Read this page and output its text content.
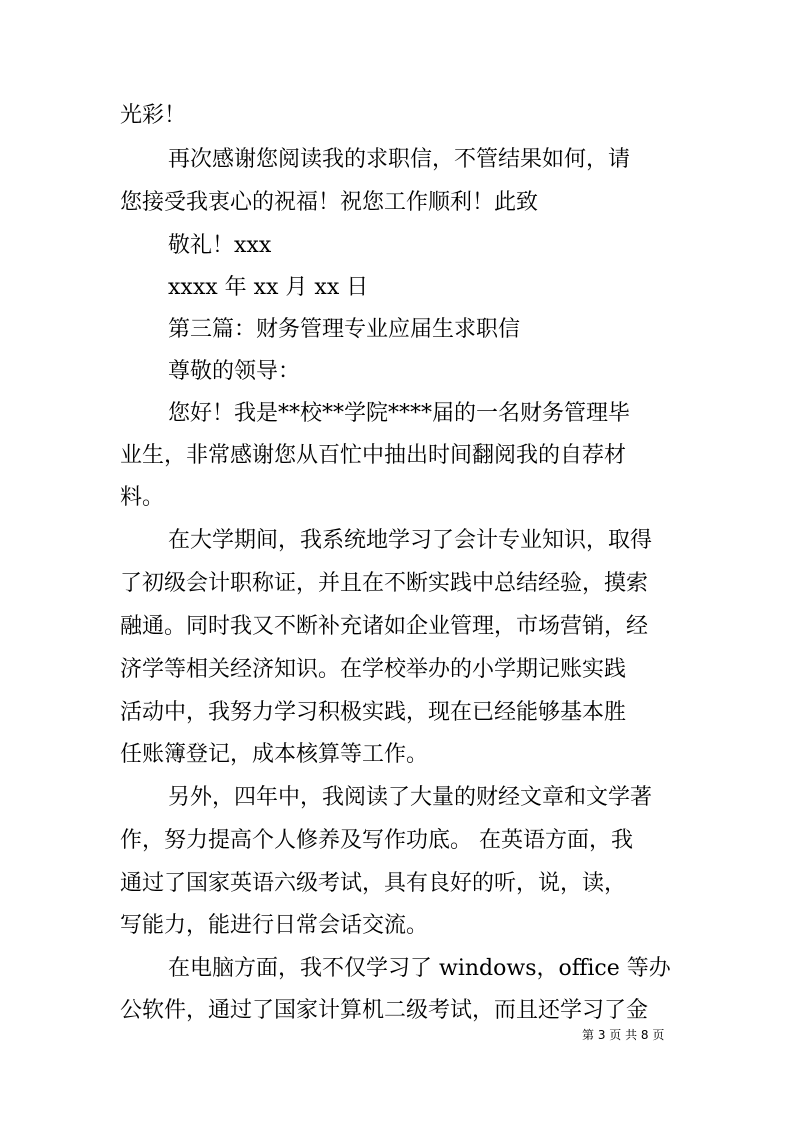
光彩！
再次感谢您阅读我的求职信，不管结果如何，请
您接受我衷心的祝福！祝您工作顺利！此致
敬礼！xxx
xxxx 年 xx 月 xx 日
第三篇：财务管理专业应届生求职信
尊敬的领导：
您好！我是**校**学院****届的一名财务管理毕
业生，非常感谢您从百忙中抽出时间翻阅我的自荐材
料。
在大学期间，我系统地学习了会计专业知识，取得
了初级会计职称证，并且在不断实践中总结经验，摸索
融通。同时我又不断补充诸如企业管理，市场营销，经
济学等相关经济知识。在学校举办的小学期记账实践
活动中，我努力学习积极实践，现在已经能够基本胜
任账簿登记，成本核算等工作。
另外，四年中，我阅读了大量的财经文章和文学著
作，努力提高个人修养及写作功底。 在英语方面，我
通过了国家英语六级考试，具有良好的听，说，读，
写能力，能进行日常会话交流。
在电脑方面，我不仅学习了 windows，office 等办
公软件，通过了国家计算机二级考试，而且还学习了金
第 3 页 共 8 页
